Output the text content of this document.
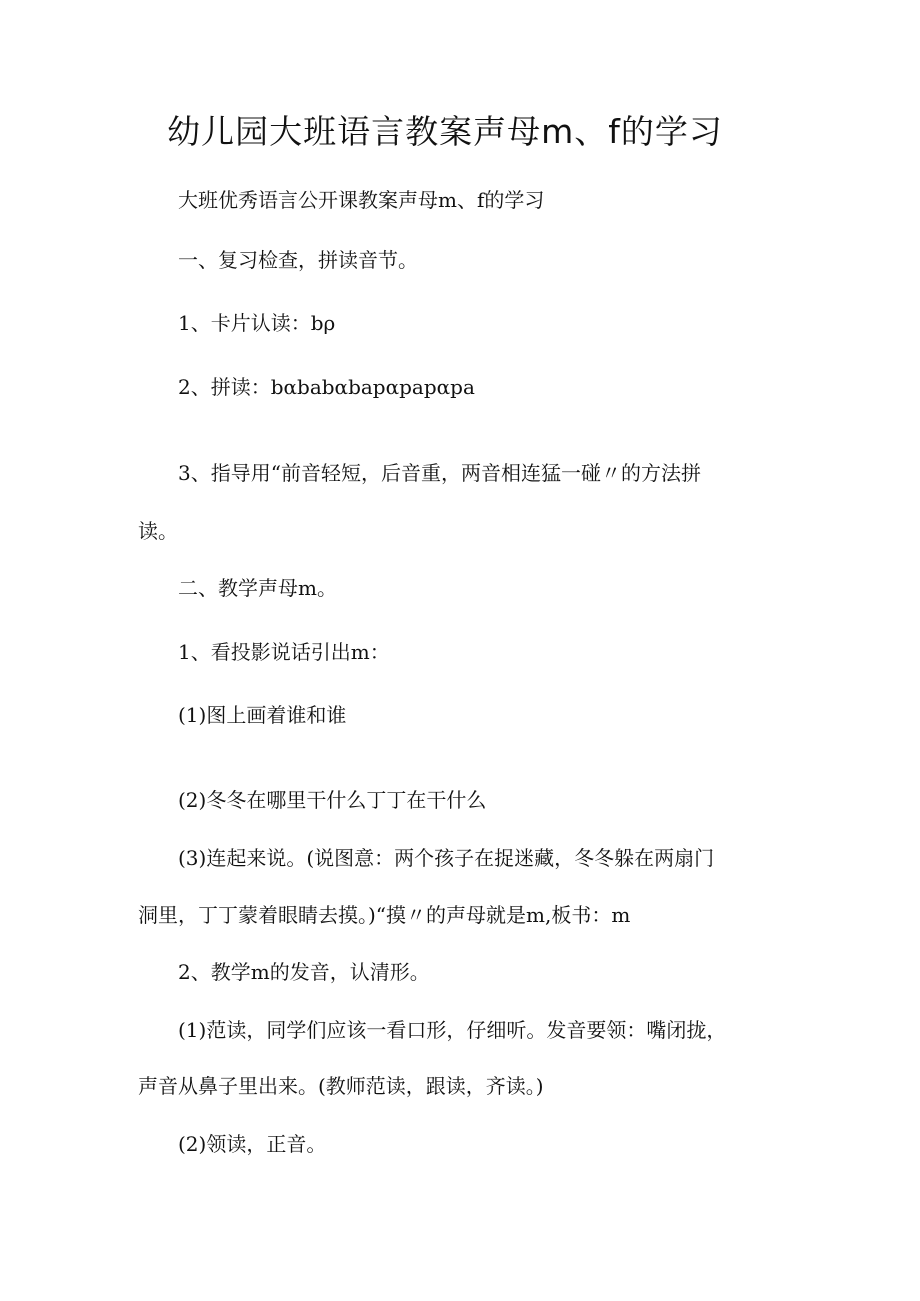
幼儿园大班语言教案声母m、f的学习
大班优秀语言公开课教案声母m、f的学习
一、复习检查，拼读音节。
1、卡片认读：bρ
2、拼读：bαbabαbapαpapαpa
3、指导用“前音轻短，后音重，两音相连猛一碰〃的方法拼
读。
二、教学声母m。
1、看投影说话引出m：
(1)图上画着谁和谁
(2)冬冬在哪里干什么丁丁在干什么
(3)连起来说。(说图意：两个孩子在捉迷藏，冬冬躲在两扇门
洞里，丁丁蒙着眼睛去摸。)“摸〃的声母就是m,板书：m
2、教学m的发音，认清形。
(1)范读，同学们应该一看口形，仔细听。发音要领：嘴闭拢，
声音从鼻子里出来。(教师范读，跟读，齐读。)
(2)领读，正音。
